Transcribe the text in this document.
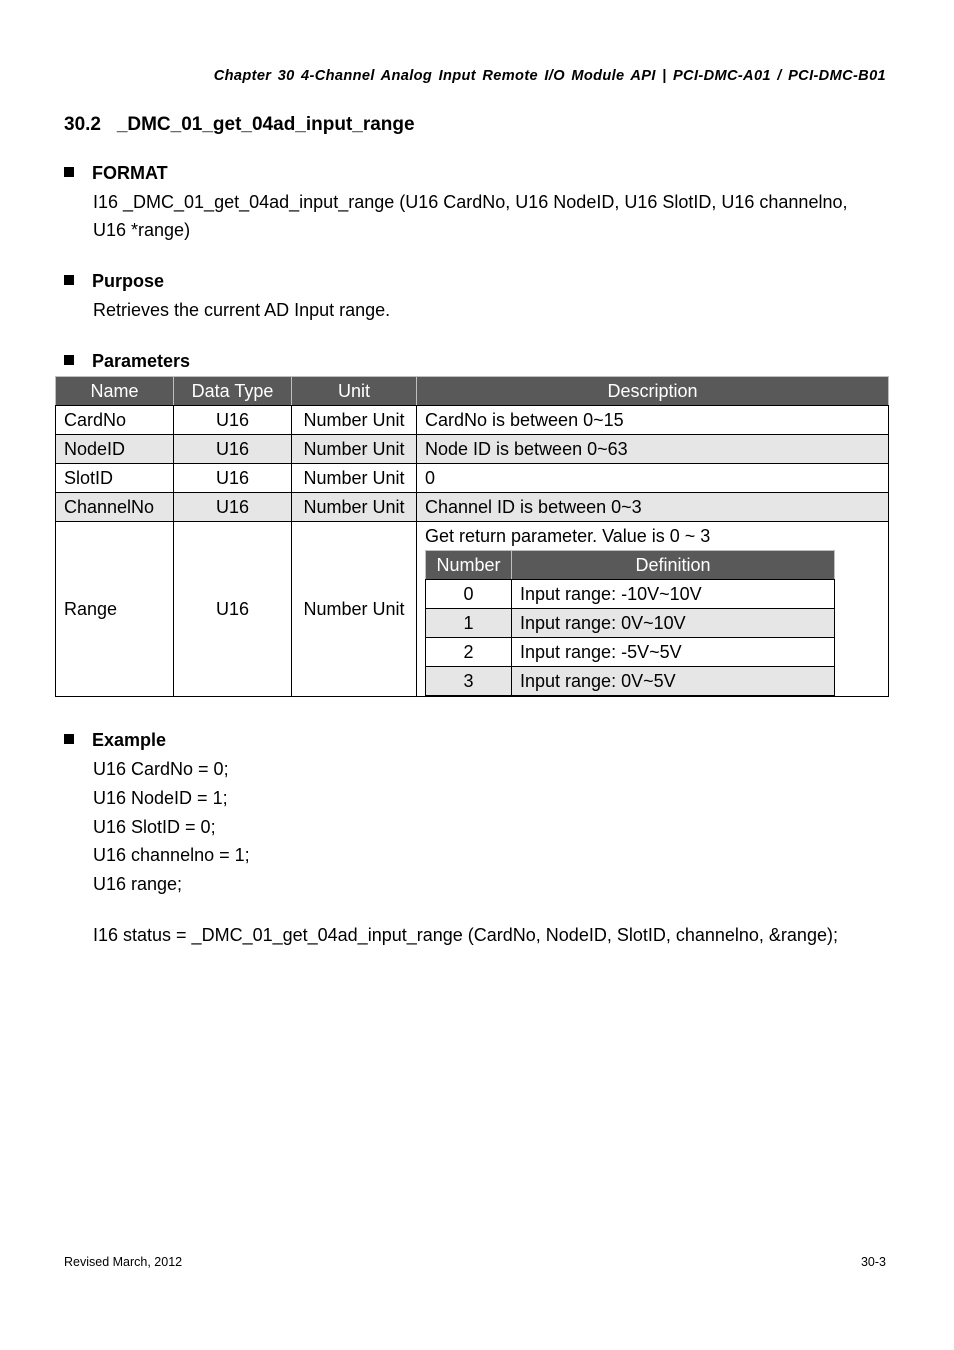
Chapter 30 4-Channel Analog Input Remote I/O Module API | PCI-DMC-A01 / PCI-DMC-B01
30.2   _DMC_01_get_04ad_input_range
FORMAT
I16 _DMC_01_get_04ad_input_range (U16 CardNo, U16 NodeID, U16 SlotID, U16 channelno,
U16 *range)
Purpose
Retrieves the current AD Input range.
Parameters
Name	Data Type	Unit	Description
CardNo	U16	Number Unit	CardNo is between 0~15
NodeID	U16	Number Unit	Node ID is between 0~63
SlotID	U16	Number Unit	0
ChannelNo	U16	Number Unit	Channel ID is between 0~3
Range	U16	Number Unit	
Get return parameter. Value is 0 ~ 3
Number	Definition
0	Input range: -10V~10V
1	Input range: 0V~10V
2	Input range: -5V~5V
3	Input range: 0V~5V
Example
U16 CardNo = 0;
U16 NodeID = 1;
U16 SlotID = 0;
U16 channelno = 1;
U16 range;
I16 status = _DMC_01_get_04ad_input_range (CardNo, NodeID, SlotID, channelno, &range);
Revised March, 2012	30-3
